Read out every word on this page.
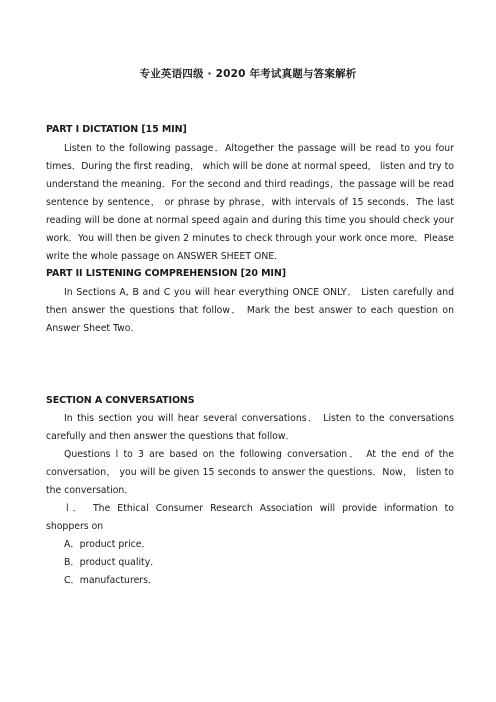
专业英语四级 · 2020 年考试真题与答案解析

PART I DICTATION [15 MIN]

Listen to the following passage．Altogether the passage will be read to you four times．During the first reading， which will be done at normal speed， listen and try to understand the meaning．For the second and third readings，the passage will be read sentence by sentence， or phrase by phrase，with intervals of 15 seconds．The last reading will be done at normal speed again and during this time you should check your work．You will then be given 2 minutes to check through your work once more．Please write the whole passage on ANSWER SHEET ONE．

PART II LISTENING COMPREHENSION [20 MIN]

In Sections A, B and C you will hear everything ONCE ONLY． Listen carefully and then answer the questions that follow． Mark the best answer to each question on Answer Sheet Two．

SECTION A CONVERSATIONS

In this section you will hear several conversations． Listen to the conversations carefully and then answer the questions that follow．

Questions l to 3 are based on the following conversation． At the end of the conversation， you will be given 15 seconds to answer the questions．Now， listen to the conversation．

l． The Ethical Consumer Research Association will provide information to shoppers on

A．product price．

B．product quality．

C．manufacturers．
